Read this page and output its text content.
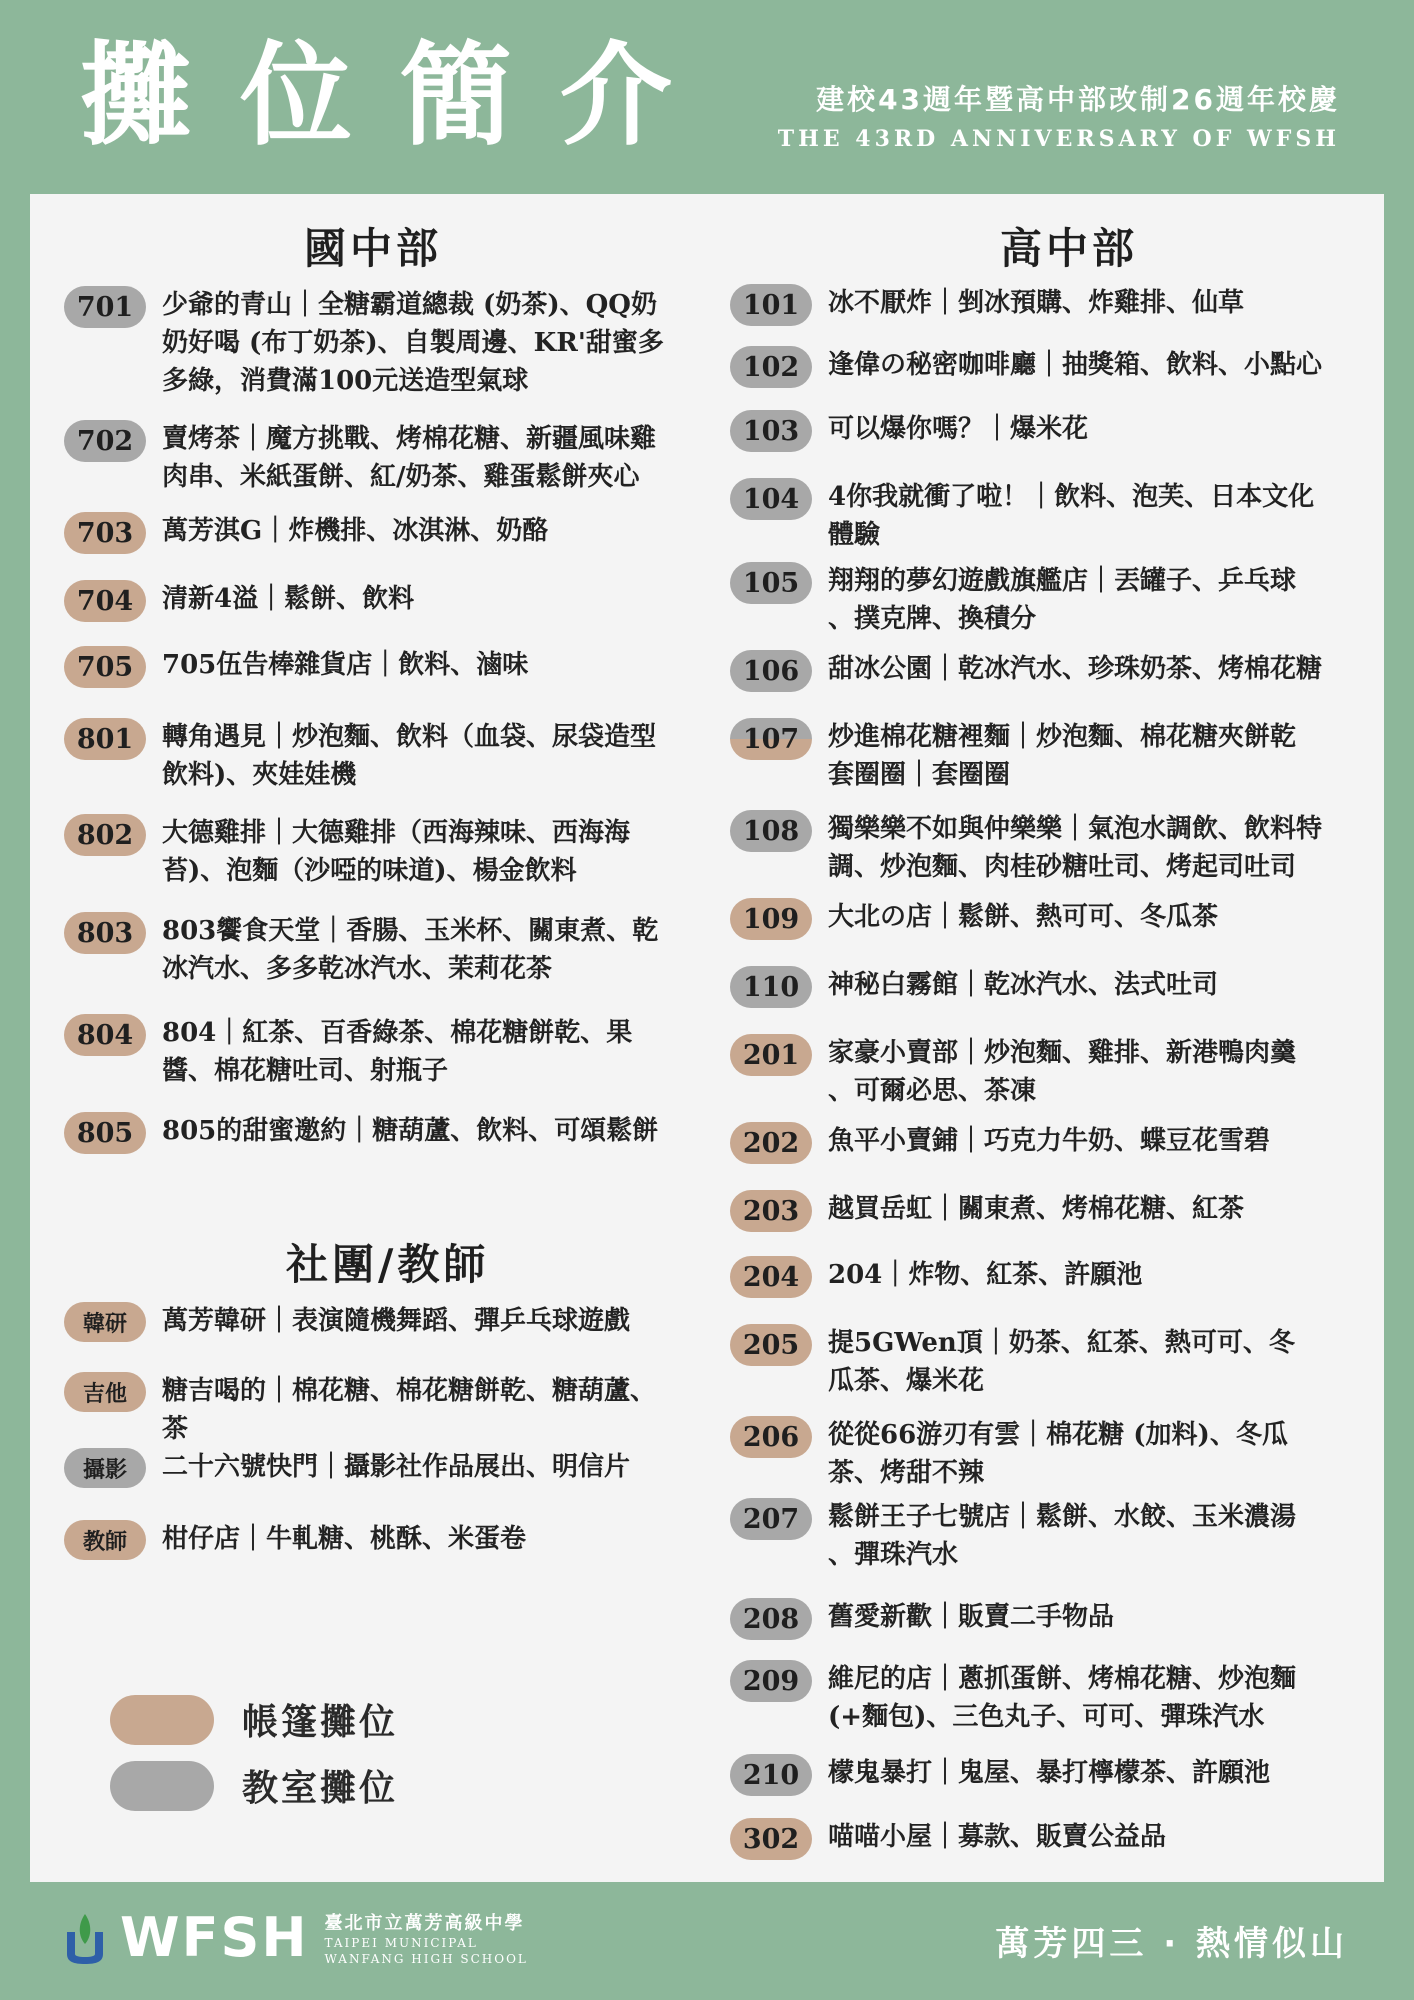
攤位簡介	建校43週年暨高中部改制26週年校慶

THE 43RD ANNIVERSARY OF WFSH

國中部
701	少爺的青山｜全糖霸道總裁 (奶茶)、QQ奶
奶好喝 (布丁奶茶)、自製周邊、KR'甜蜜多
多綠，消費滿100元送造型氣球
702	賣烤茶｜魔方挑戰、烤棉花糖、新疆風味雞
肉串、米紙蛋餅、紅/奶茶、雞蛋鬆餅夾心
703	萬芳淇G｜炸機排、冰淇淋、奶酪
704	清新4溢｜鬆餅、飲料
705	705伍告棒雜貨店｜飲料、滷味
801	轉角遇見｜炒泡麵、飲料（血袋、尿袋造型
飲料)、夾娃娃機
802	大德雞排｜大德雞排（西海辣味、西海海
苔)、泡麵（沙啞的味道)、楊金飲料
803	803饗食天堂｜香腸、玉米杯、關東煮、乾
冰汽水、多多乾冰汽水、茉莉花茶
804	804｜紅茶、百香綠茶、棉花糖餅乾、果
醬、棉花糖吐司、射瓶子
805	805的甜蜜邀約｜糖葫蘆、飲料、可頌鬆餅
社團/教師
韓研	萬芳韓研｜表演隨機舞蹈、彈乒乓球遊戲
吉他	糖吉喝的｜棉花糖、棉花糖餅乾、糖葫蘆、
茶
攝影	二十六號快門｜攝影社作品展出、明信片
教師	柑仔店｜牛軋糖、桃酥、米蛋卷
帳篷攤位
教室攤位
高中部
101	冰不厭炸｜剉冰預購、炸雞排、仙草
102	逢偉の秘密咖啡廳｜抽獎箱、飲料、小點心
103	可以爆你嗎？｜爆米花
104	4你我就衝了啦！｜飲料、泡芙、日本文化
體驗
105	翔翔的夢幻遊戲旗艦店｜丟罐子、乒乓球
、撲克牌、換積分
106	甜冰公園｜乾冰汽水、珍珠奶茶、烤棉花糖
107	炒進棉花糖裡麵｜炒泡麵、棉花糖夾餅乾
套圈圈｜套圈圈
108	獨樂樂不如與仲樂樂｜氣泡水調飲、飲料特
調、炒泡麵、肉桂砂糖吐司、烤起司吐司
109	大北の店｜鬆餅、熱可可、冬瓜茶
110	神秘白霧館｜乾冰汽水、法式吐司
201	家豪小賣部｜炒泡麵、雞排、新港鴨肉羹
、可爾必思、茶凍
202	魚平小賣鋪｜巧克力牛奶、蝶豆花雪碧
203	越買岳虹｜關東煮、烤棉花糖、紅茶
204	204｜炸物、紅茶、許願池
205	提5GWen頂｜奶茶、紅茶、熱可可、冬
瓜茶、爆米花
206	從從66游刃有雲｜棉花糖 (加料)、冬瓜
茶、烤甜不辣
207	鬆餅王子七號店｜鬆餅、水餃、玉米濃湯
、彈珠汽水
208	舊愛新歡｜販賣二手物品
209	維尼的店｜蔥抓蛋餅、烤棉花糖、炒泡麵
(+麵包)、三色丸子、可可、彈珠汽水
210	檬鬼暴打｜鬼屋、暴打檸檬茶、許願池
302	喵喵小屋｜募款、販賣公益品
WFSH 臺北市立萬芳高級中學
TAIPEI MUNICIPAL
WANFANG HIGH SCHOOL	萬芳四三 · 熱情似山
